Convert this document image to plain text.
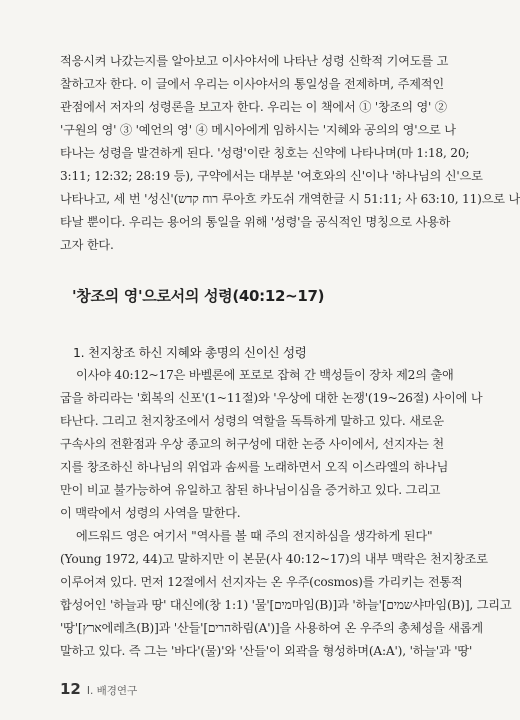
적응시켜 나갔는지를 알아보고 이사야서에 나타난 성령 신학적 기여도를 고
찰하고자 한다. 이 글에서 우리는 이사야서의 통일성을 전제하며, 주제적인
관점에서 저자의 성령론을 보고자 한다. 우리는 이 책에서 ① '창조의 영' ②
'구원의 영' ③ '예언의 영' ④ 메시아에게 임하시는 '지혜와 공의의 영'으로 나
타나는 성령을 발견하게 된다. '성령'이란 칭호는 신약에 나타나며(마 1:18, 20;
3:11; 12:32; 28:19 등), 구약에서는 대부분 '여호와의 신'이나 '하나님의 신'으로
나타나고, 세 번 '성신'(רוח קדש 루아흐 카도쉬 개역한글 시 51:11; 사 63:10, 11)으로 나
타날 뿐이다. 우리는 용어의 통일을 위해 '성령'을 공식적인 명칭으로 사용하
고자 한다.
'창조의 영'으로서의 성령(40:12~17)
1. 천지창조 하신 지혜와 총명의 신이신 성령
이사야 40:12~17은 바벨론에 포로로 잡혀 간 백성들이 장차 제2의 출애
굽을 하리라는 '회복의 신포'(1~11절)와 '우상에 대한 논쟁'(19~26절) 사이에 나
타난다. 그리고 천지창조에서 성령의 역할을 독특하게 말하고 있다. 새로운
구속사의 전환점과 우상 종교의 허구성에 대한 논증 사이에서, 선지자는 천
지를 창조하신 하나님의 위업과 솜씨를 노래하면서 오직 이스라엘의 하나님
만이 비교 불가능하여 유일하고 참된 하나님이심을 증거하고 있다. 그리고
이 맥락에서 성령의 사역을 말한다.
에드워드 영은 여기서 "역사를 볼 때 주의 전지하심을 생각하게 된다"
(Young 1972, 44)고 말하지만 이 본문(사 40:12~17)의 내부 맥락은 천지창조로
이루어져 있다. 먼저 12절에서 선지자는 온 우주(cosmos)를 가리키는 전통적
합성어인 '하늘과 땅' 대신에(창 1:1) '물'[מים마임(B)]과 '하늘'[שמים샤마임(B)], 그리고
'땅'[ארץ에레츠(B)]과 '산들'[הרים하림(A')]을 사용하여 온 우주의 총체성을 새롭게
말하고 있다. 즉 그는 '바다'(물)'와 '산들'이 외곽을 형성하며(A:A'), '하늘'과 '땅'
12 I. 배경연구
